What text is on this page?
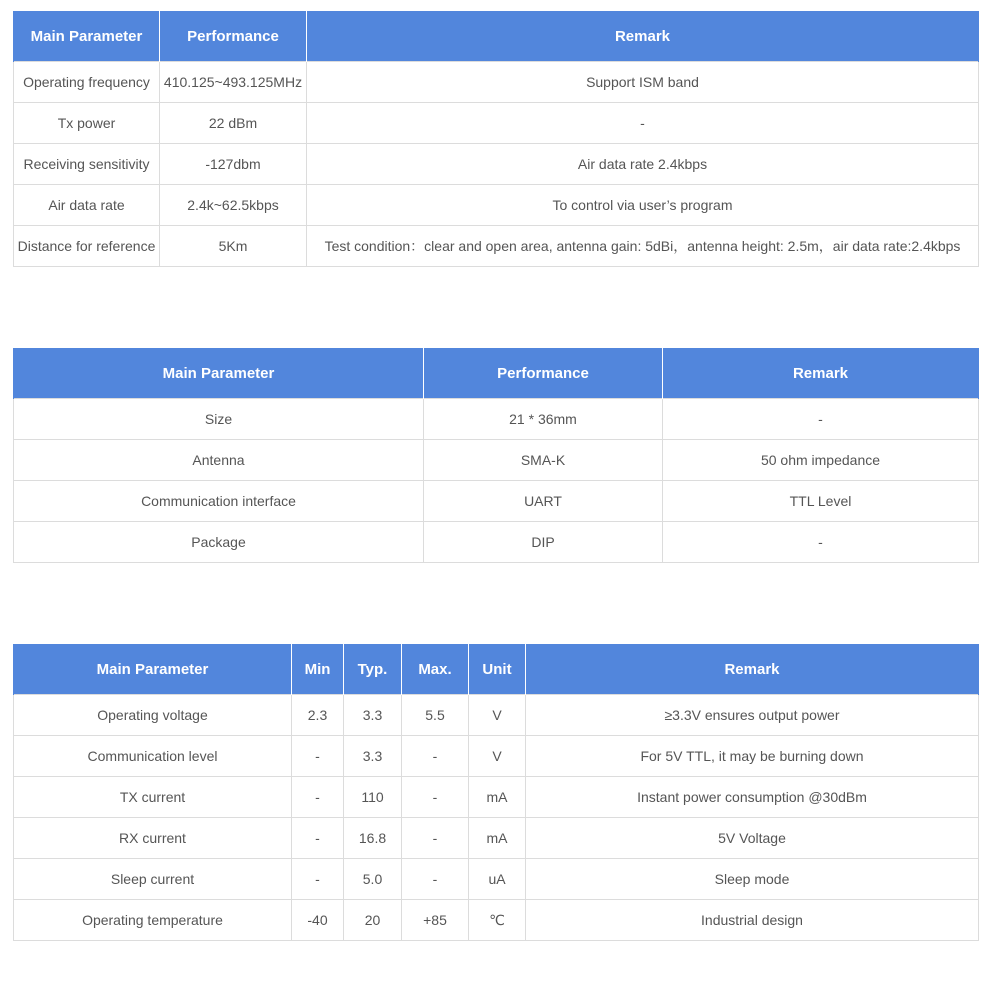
Main Parameter	Performance	Remark
Operating frequency	410.125~493.125MHz	Support ISM band
Tx power	22 dBm	-
Receiving sensitivity	-127dbm	Air data rate 2.4kbps
Air data rate	2.4k~62.5kbps	To control via user’s program
Distance for reference	5Km	Test condition：clear and open area, antenna gain: 5dBi，antenna height: 2.5m，air data rate:2.4kbps
Main Parameter	Performance	Remark
Size	21 * 36mm	-
Antenna	SMA-K	50 ohm impedance
Communication interface	UART	TTL Level
Package	DIP	-
Main Parameter	Min	Typ.	Max.	Unit	Remark
Operating voltage	2.3	3.3	5.5	V	≥3.3V ensures output power
Communication level	-	3.3	-	V	For 5V TTL, it may be burning down
TX current	-	110	-	mA	Instant power consumption @30dBm
RX current	-	16.8	-	mA	5V Voltage
Sleep current	-	5.0	-	uA	Sleep mode
Operating temperature	-40	20	+85	℃	Industrial design
